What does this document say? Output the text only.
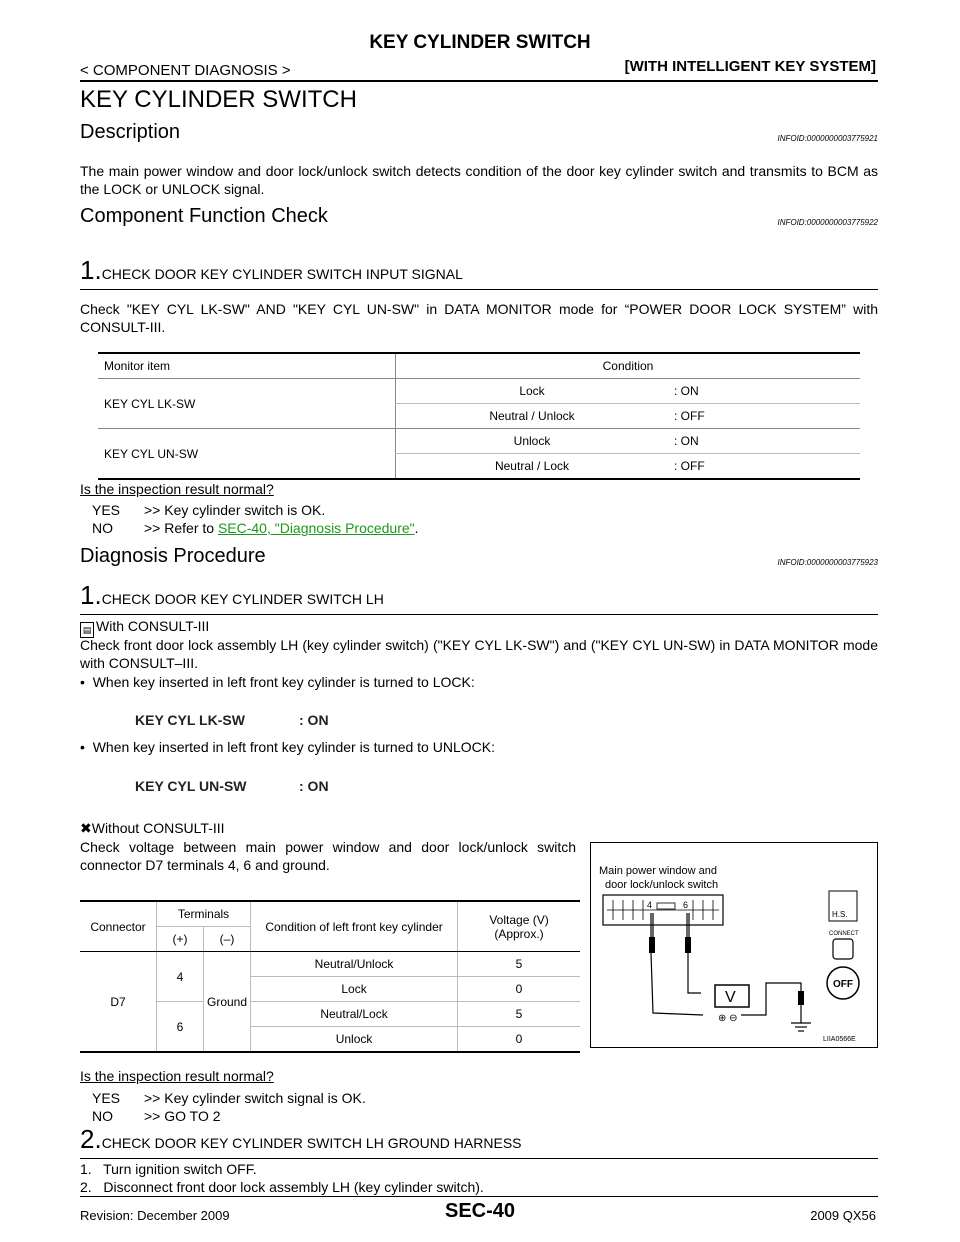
KEY CYLINDER SWITCH
< COMPONENT DIAGNOSIS >	[WITH INTELLIGENT KEY SYSTEM]
KEY CYLINDER SWITCH
Description	INFOID:0000000003775921
The main power window and door lock/unlock switch detects condition of the door key cylinder switch and transmits to BCM as the LOCK or UNLOCK signal.
Component Function Check	INFOID:0000000003775922
1.CHECK DOOR KEY CYLINDER SWITCH INPUT SIGNAL
Check "KEY CYL LK-SW" AND "KEY CYL UN-SW" in DATA MONITOR mode for “POWER DOOR LOCK SYSTEM” with CONSULT-III.
Monitor item	Condition	
KEY CYL LK-SW	Lock	: ON
	Neutral / Unlock	: OFF
KEY CYL UN-SW	Unlock	: ON
	Neutral / Lock	: OFF
Is the inspection result normal?
YES >> Key cylinder switch is OK.
NO >> Refer to SEC-40, "Diagnosis Procedure".
Diagnosis Procedure	INFOID:0000000003775923
1.CHECK DOOR KEY CYLINDER SWITCH LH
▤ With CONSULT-III
Check front door lock assembly LH (key cylinder switch) ("KEY CYL LK-SW") and ("KEY CYL UN-SW) in DATA MONITOR mode with CONSULT–III.
•  When key inserted in left front key cylinder is turned to LOCK:
KEY CYL LK-SW	: ON
•  When key inserted in left front key cylinder is turned to UNLOCK:
KEY CYL UN-SW	: ON
✖Without CONSULT-III
Check voltage between main power window and door lock/unlock switch connector D7 terminals 4, 6 and ground.
Connector	Terminals		Condition of left front key cylinder	Voltage (V)
(Approx.)
	(+)	(–)		
D7	4	Ground	Neutral/Unlock	5
			Lock	0
	6		Neutral/Lock	5
			Unlock	0
Main power window and
door lock/unlock switch
4	6
V
⊕ ⊖
H.S.
CONNECT
OFF
LIIA0566E
Is the inspection result normal?
YES >> Key cylinder switch signal is OK.
NO >> GO TO 2
2.CHECK DOOR KEY CYLINDER SWITCH LH GROUND HARNESS
1.   Turn ignition switch OFF.
2.   Disconnect front door lock assembly LH (key cylinder switch).
Revision: December 2009	SEC-40	2009 QX56
